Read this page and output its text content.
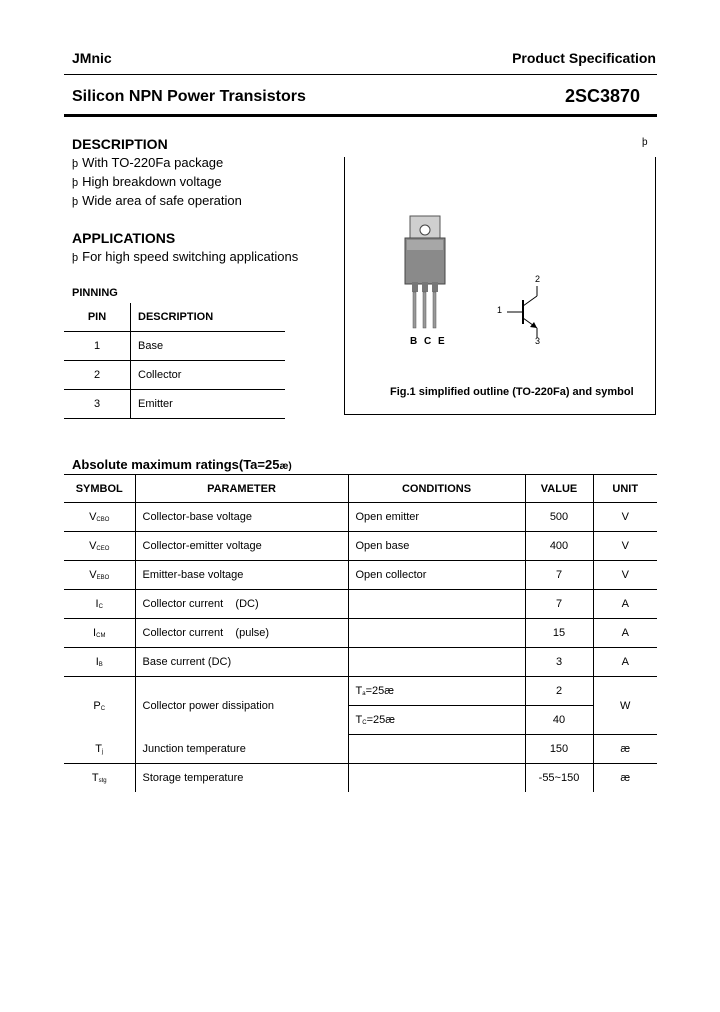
JMnic	Product Specification
Silicon NPN Power Transistors	2SC3870
DESCRIPTION
þ With TO-220Fa package
þ High breakdown voltage
þ Wide area of safe operation
APPLICATIONS
þ For high speed switching applications
PINNING
PIN	DESCRIPTION
1	Base
2	Collector
3	Emitter
þ
B C E
1
2
3
Fig.1 simplified outline (TO-220Fa) and symbol
Absolute maximum ratings(Ta=25æ)
SYMBOL	PARAMETER	CONDITIONS	VALUE	UNIT
$V_{CBO}$	Collector-base voltage	Open emitter	500	V
$V_{CEO}$	Collector-emitter voltage	Open base	400	V
$V_{EBO}$	Emitter-base voltage	Open collector	7	V
$I_C$	Collector current    (DC)		7	A
$I_{CM}$	Collector current    (pulse)		15	A
$I_B$	Base current (DC)		3	A
$P_C$	Collector power dissipation	$T_a=25æ$	2	W
		$T_C=25æ$	40	
$T_j$	Junction temperature		150	æ
$T_{stg}$	Storage temperature		-55~150	æ
